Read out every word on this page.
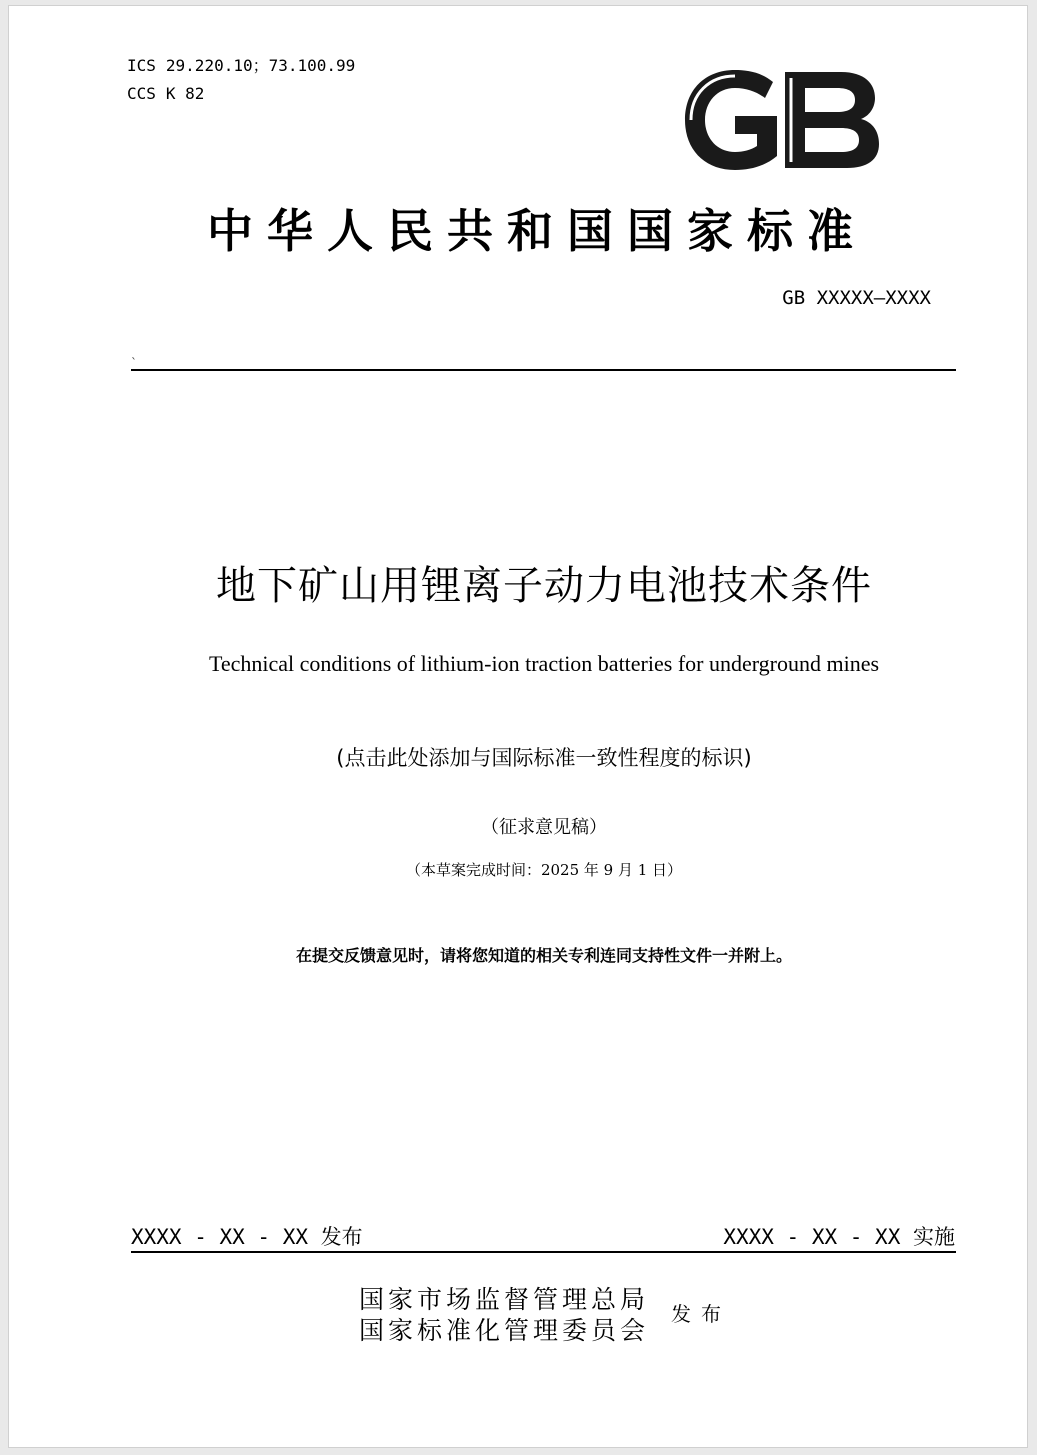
ICS 29.220.10；73.100.99
CCS K 82
中华人民共和国国家标准
GB XXXXX—XXXX
`
地下矿山用锂离子动力电池技术条件
Technical conditions of lithium-ion traction batteries for underground mines
(点击此处添加与国际标准一致性程度的标识)
（征求意见稿）
（本草案完成时间：2025 年 9 月 1 日）
在提交反馈意见时，请将您知道的相关专利连同支持性文件一并附上。
XXXX - XX - XX 发布	XXXX - XX - XX 实施
国家市场监督管理总局
国家标准化管理委员会
发布
